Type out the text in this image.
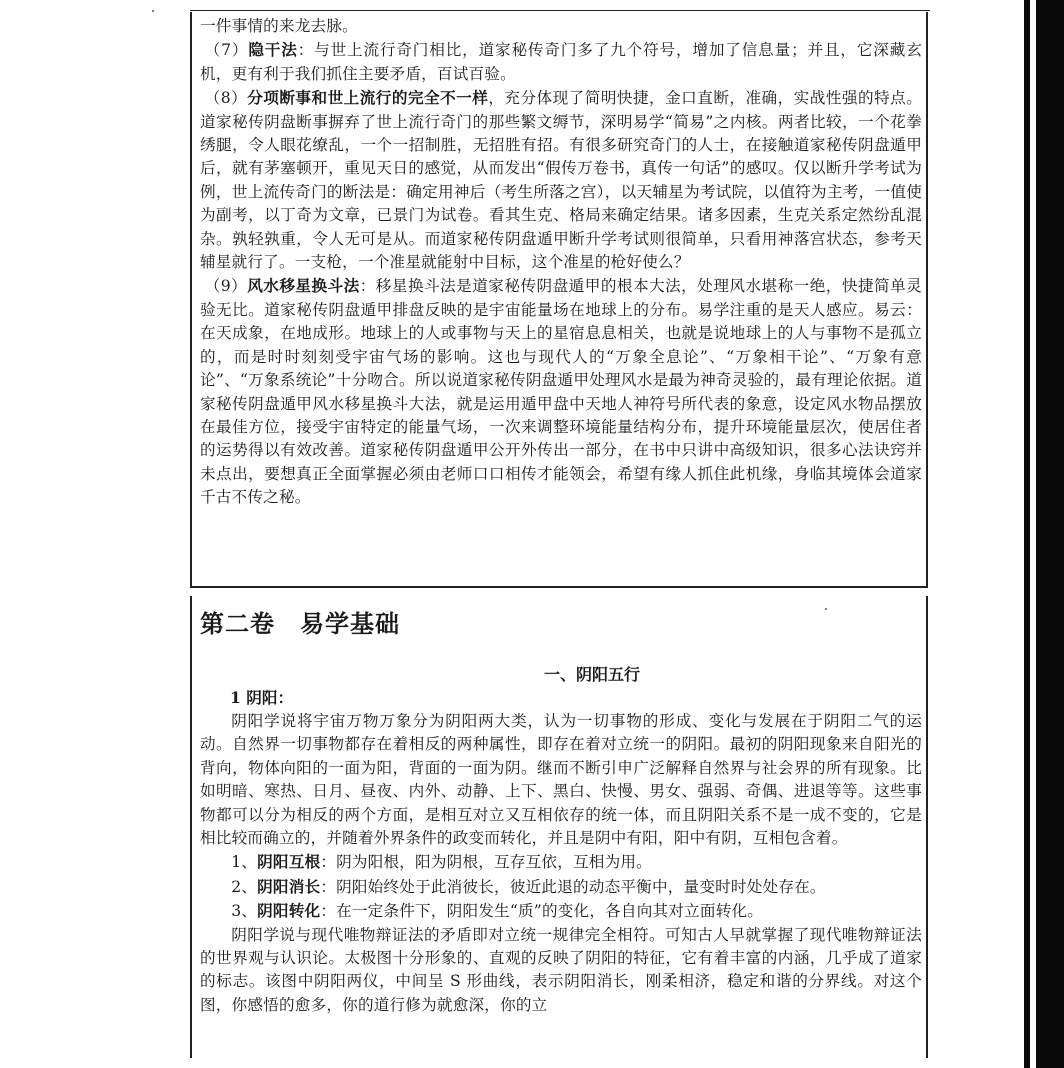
一件事情的来龙去脉。

（7）隐干法：与世上流行奇门相比，道家秘传奇门多了九个符号，增加了信息量；并且，它深藏玄机，更有利于我们抓住主要矛盾，百试百验。

（8）分项断事和世上流行的完全不一样，充分体现了简明快捷，金口直断，准确，实战性强的特点。道家秘传阴盘断事摒弃了世上流行奇门的那些繁文缛节，深明易学“简易”之内核。两者比较，一个花拳绣腿，令人眼花缭乱，一个一招制胜，无招胜有招。有很多研究奇门的人士，在接触道家秘传阴盘遁甲后，就有茅塞顿开，重见天日的感觉，从而发出“假传万卷书，真传一句话”的感叹。仅以断升学考试为例，世上流传奇门的断法是：确定用神后（考生所落之宫），以天辅星为考试院，以值符为主考，一值使为副考，以丁奇为文章，已景门为试卷。看其生克、格局来确定结果。诸多因素，生克关系定然纷乱混杂。孰轻孰重，令人无可是从。而道家秘传阴盘遁甲断升学考试则很简单，只看用神落宫状态，参考天辅星就行了。一支枪，一个准星就能射中目标，这个准星的枪好使么？

（9）风水移星换斗法：移星换斗法是道家秘传阴盘遁甲的根本大法，处理风水堪称一绝，快捷简单灵验无比。道家秘传阴盘遁甲排盘反映的是宇宙能量场在地球上的分布。易学注重的是天人感应。易云：在天成象，在地成形。地球上的人或事物与天上的星宿息息相关，也就是说地球上的人与事物不是孤立的，而是时时刻刻受宇宙气场的影响。这也与现代人的“万象全息论”、“万象相干论”、“万象有意论”、“万象系统论”十分吻合。所以说道家秘传阴盘遁甲处理风水是最为神奇灵验的，最有理论依据。道家秘传阴盘遁甲风水移星换斗大法，就是运用遁甲盘中天地人神符号所代表的象意，设定风水物品摆放在最佳方位，接受宇宙特定的能量气场，一次来调整环境能量结构分布，提升环境能量层次，使居住者的运势得以有效改善。道家秘传阴盘遁甲公开外传出一部分，在书中只讲中高级知识，很多心法诀窍并未点出，要想真正全面掌握必须由老师口口相传才能领会，希望有缘人抓住此机缘，身临其境体会道家千古不传之秘。

第二卷　易学基础
一、阴阳五行
1 阴阳：

阴阳学说将宇宙万物万象分为阴阳两大类，认为一切事物的形成、变化与发展在于阴阳二气的运动。自然界一切事物都存在着相反的两种属性，即存在着对立统一的阴阳。最初的阴阳现象来自阳光的背向，物体向阳的一面为阳，背面的一面为阴。继而不断引申广泛解释自然界与社会界的所有现象。比如明暗、寒热、日月、昼夜、内外、动静、上下、黑白、快慢、男女、强弱、奇偶、进退等等。这些事物都可以分为相反的两个方面，是相互对立又互相依存的统一体，而且阴阳关系不是一成不变的，它是相比较而确立的，并随着外界条件的政变而转化，并且是阴中有阳，阳中有阴，互相包含着。

1、阴阳互根：阴为阳根，阳为阴根，互存互依，互相为用。

2、阴阳消长：阴阳始终处于此消彼长，彼近此退的动态平衡中，量变时时处处存在。

3、阴阳转化：在一定条件下，阴阳发生“质”的变化，各自向其对立面转化。

阴阳学说与现代唯物辩证法的矛盾即对立统一规律完全相符。可知古人早就掌握了现代唯物辩证法的世界观与认识论。太极图十分形象的、直观的反映了阴阳的特征，它有着丰富的内涵，几乎成了道家的标志。该图中阴阳两仪，中间呈 S 形曲线，表示阴阳消长，刚柔相济，稳定和谐的分界线。对这个图，你感悟的愈多，你的道行修为就愈深，你的立
